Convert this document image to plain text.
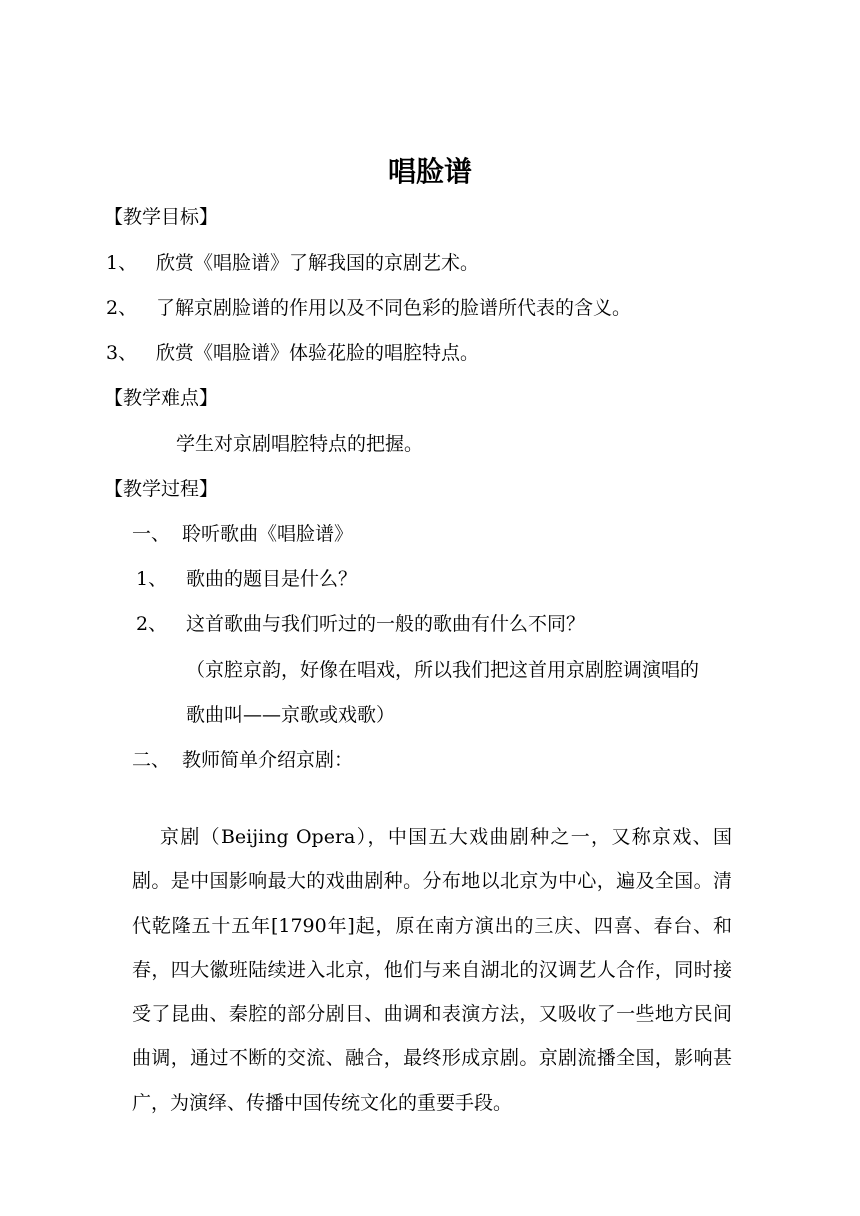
唱脸谱
【教学目标】
1、 欣赏《唱脸谱》了解我国的京剧艺术。
2、 了解京剧脸谱的作用以及不同色彩的脸谱所代表的含义。
3、 欣赏《唱脸谱》体验花脸的唱腔特点。
【教学难点】
学生对京剧唱腔特点的把握。
【教学过程】
一、 聆听歌曲《唱脸谱》
1、 歌曲的题目是什么？
2、 这首歌曲与我们听过的一般的歌曲有什么不同？
（京腔京韵，好像在唱戏，所以我们把这首用京剧腔调演唱的
歌曲叫——京歌或戏歌）
二、 教师简单介绍京剧：
京剧（Beijing Opera），中国五大戏曲剧种之一，又称京戏、国剧。是中国影响最大的戏曲剧种。分布地以北京为中心，遍及全国。清代乾隆五十五年[1790年]起，原在南方演出的三庆、四喜、春台、和春，四大徽班陆续进入北京，他们与来自湖北的汉调艺人合作，同时接受了昆曲、秦腔的部分剧目、曲调和表演方法，又吸收了一些地方民间曲调，通过不断的交流、融合，最终形成京剧。京剧流播全国，影响甚广，为演绎、传播中国传统文化的重要手段。
